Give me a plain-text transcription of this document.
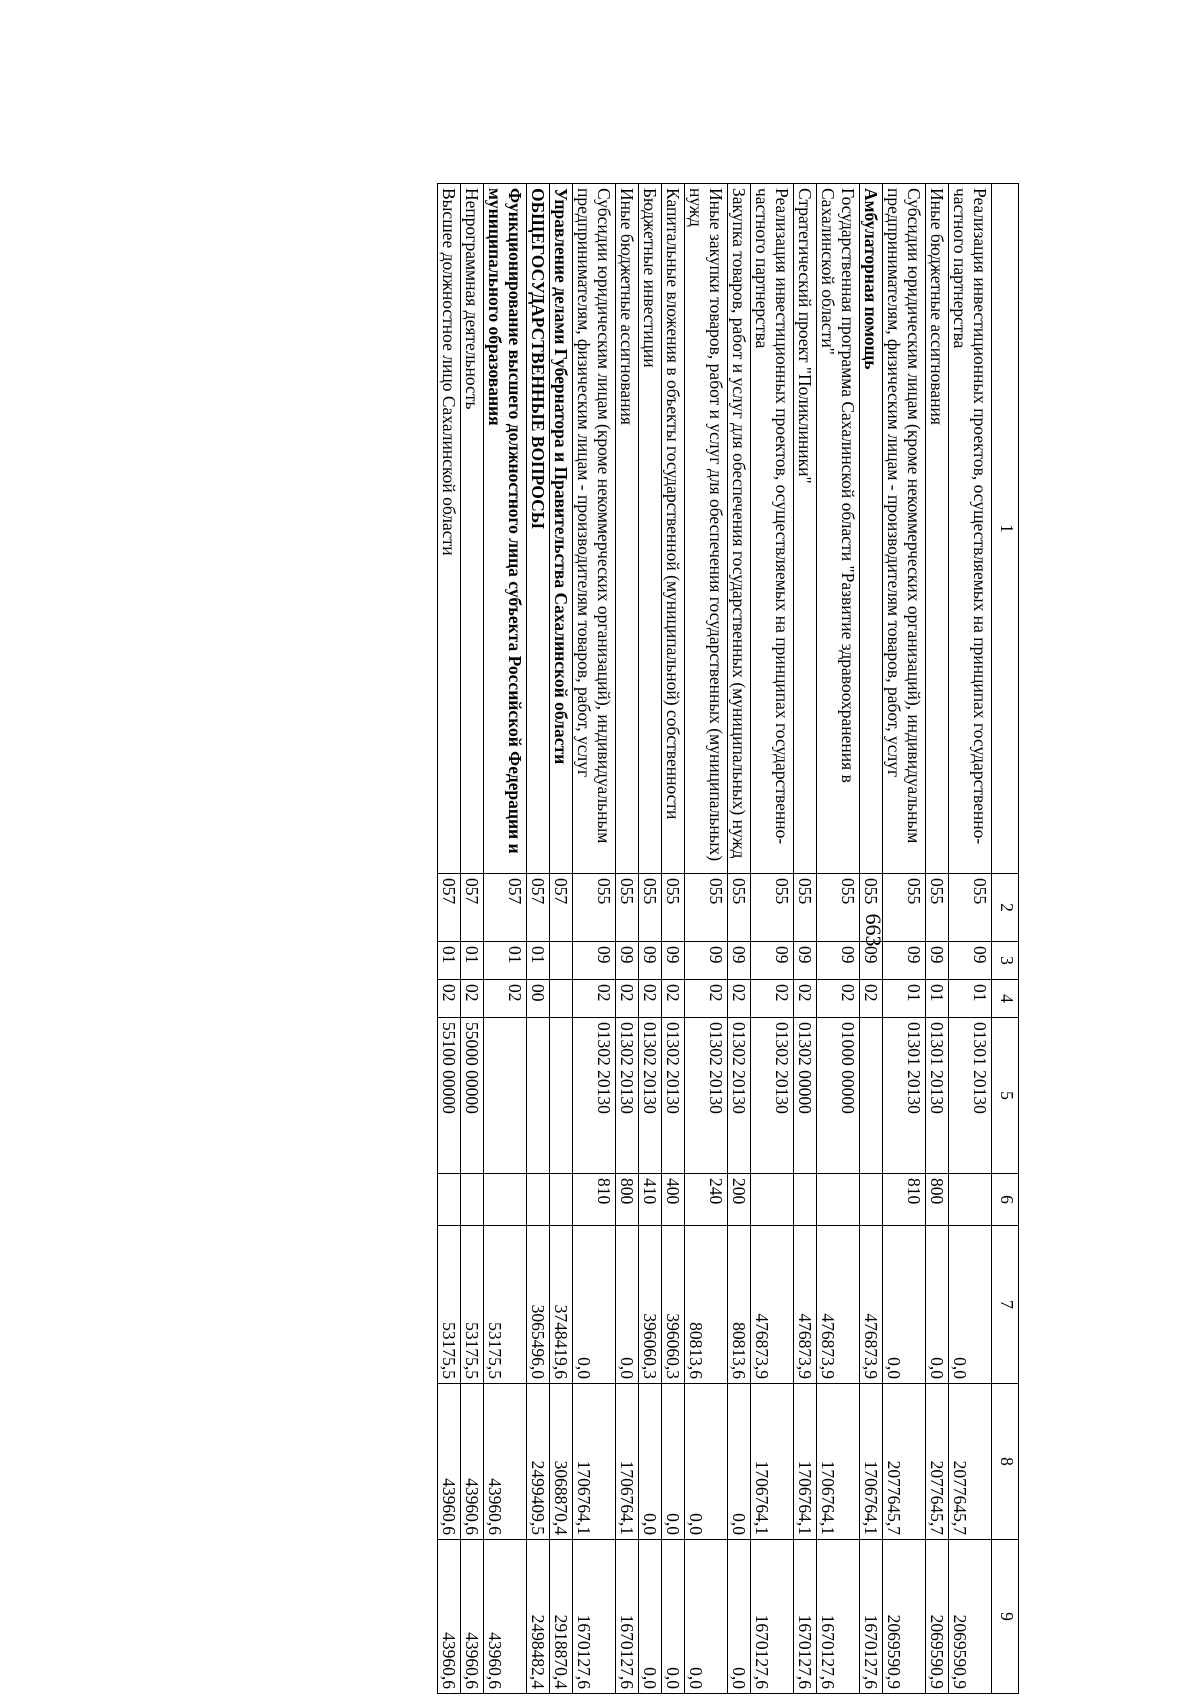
663
1	2	3	4	5	6	7	8	9
Реализация инвестиционных проектов, осуществляемых на принципах государственно-частного партнерства	055	09	01	01301 20130		0,0	2077645,7	2069590,9
Иные бюджетные ассигнования	055	09	01	01301 20130	800	0,0	2077645,7	2069590,9
Субсидии юридическим лицам (кроме некоммерческих организаций), индивидуальным предпринимателям, физическим лицам - производителям товаров, работ, услуг	055	09	01	01301 20130	810	0,0	2077645,7	2069590,9
Амбулаторная помощь	055	09	02			476873,9	1706764,1	1670127,6
Государственная программа Сахалинской области "Развитие здравоохранения в Сахалинской области"	055	09	02	01000 00000		476873,9	1706764,1	1670127,6
Стратегический проект "Поликлиники"	055	09	02	01302 00000		476873,9	1706764,1	1670127,6
Реализация инвестиционных проектов, осуществляемых на принципах государственно-частного партнерства	055	09	02	01302 20130		476873,9	1706764,1	1670127,6
Закупка товаров, работ и услуг для обеспечения государственных (муниципальных) нужд	055	09	02	01302 20130	200	80813,6	0,0	0,0
Иные закупки товаров, работ и услуг для обеспечения государственных (муниципальных) нужд	055	09	02	01302 20130	240	80813,6	0,0	0,0
Капитальные вложения в объекты государственной (муниципальной) собственности	055	09	02	01302 20130	400	396060,3	0,0	0,0
Бюджетные инвестиции	055	09	02	01302 20130	410	396060,3	0,0	0,0
Иные бюджетные ассигнования	055	09	02	01302 20130	800	0,0	1706764,1	1670127,6
Субсидии юридическим лицам (кроме некоммерческих организаций), индивидуальным предпринимателям, физическим лицам - производителям товаров, работ, услуг	055	09	02	01302 20130	810	0,0	1706764,1	1670127,6
Управление делами Губернатора и Правительства Сахалинской области	057					3748419,6	3068870,4	2918870,4
ОБЩЕГОСУДАРСТВЕННЫЕ ВОПРОСЫ	057	01	00			3065496,0	2499409,5	2498482,4
Функционирование высшего должностного лица субъекта Российской Федерации и муниципального образования	057	01	02			53175,5	43960,6	43960,6
Непрограммная деятельность	057	01	02	55000 00000		53175,5	43960,6	43960,6
Высшее должностное лицо Сахалинской области	057	01	02	55100 00000		53175,5	43960,6	43960,6
